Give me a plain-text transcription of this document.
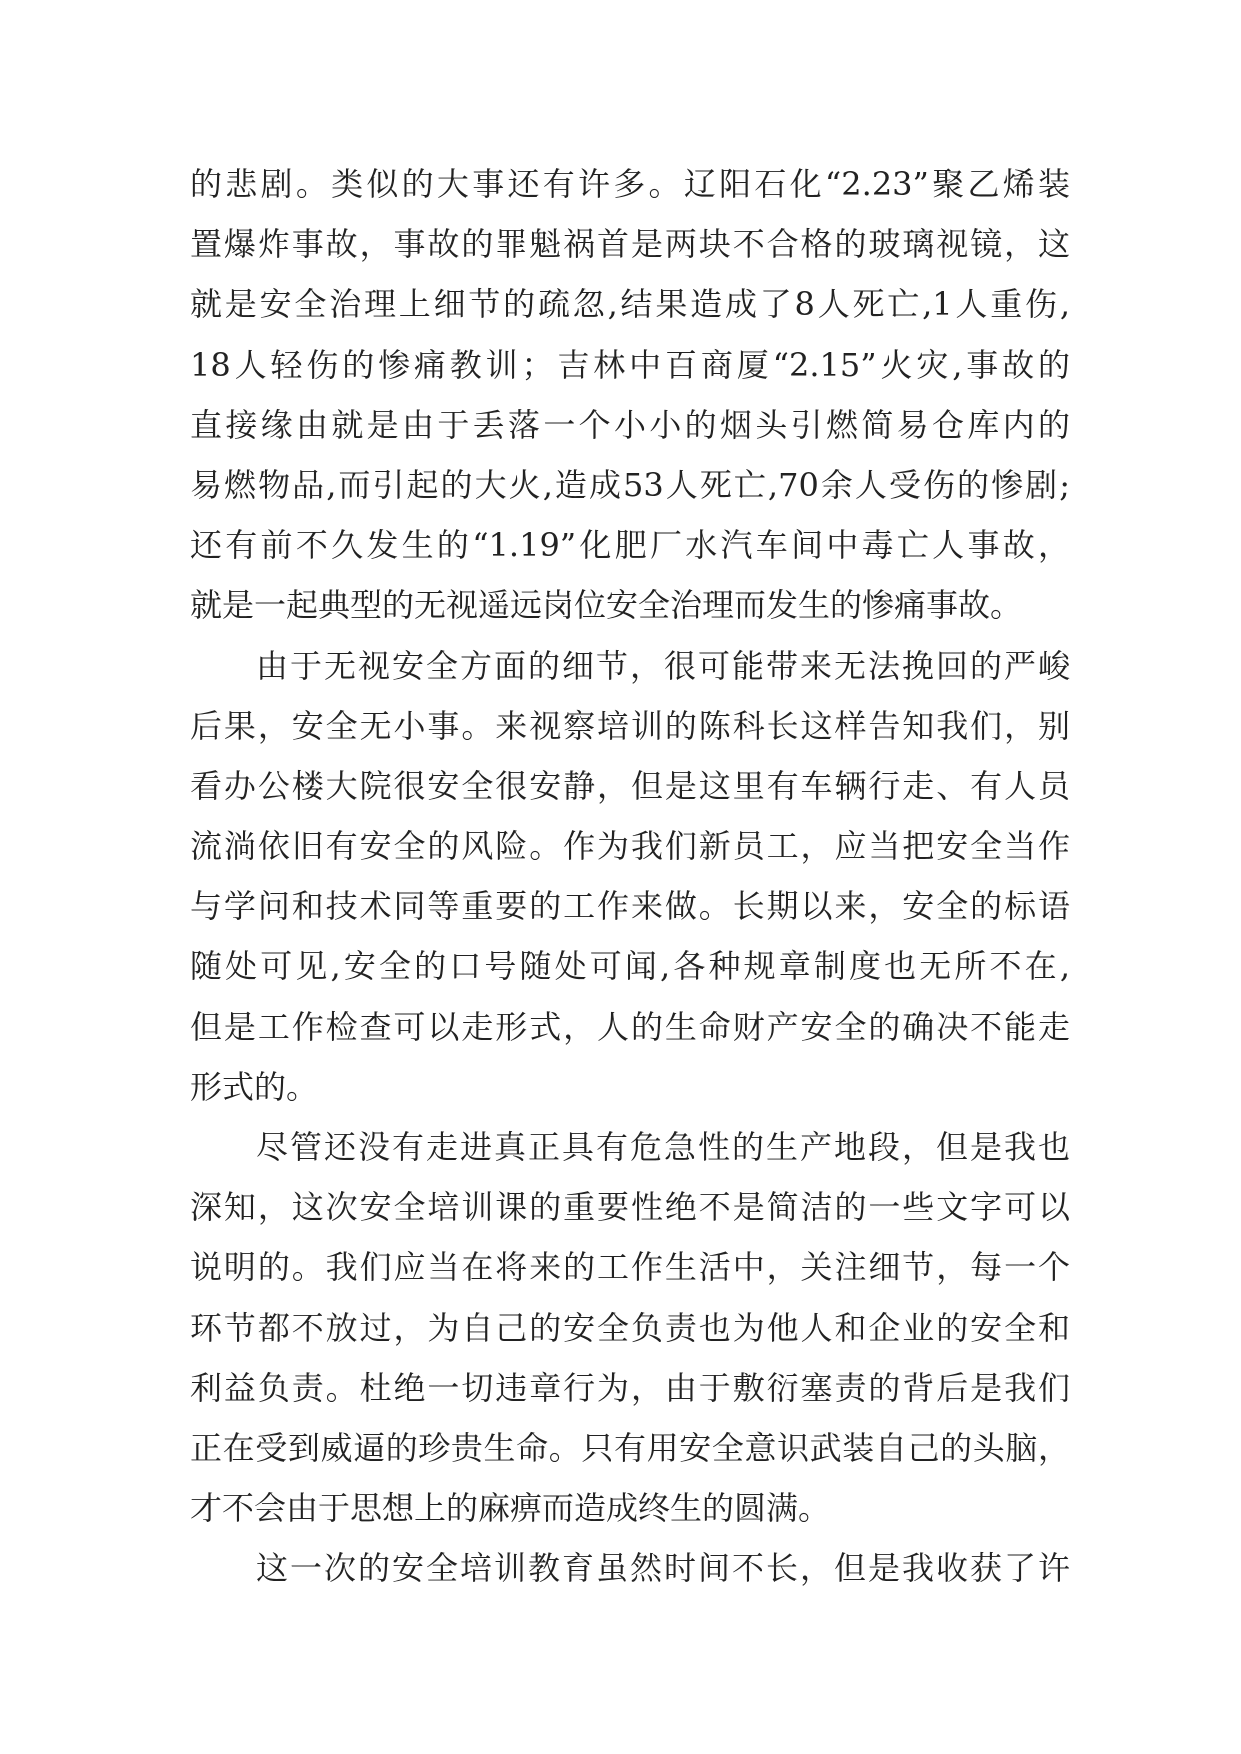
的悲剧。类似的大事还有许多。辽阳石化“2.23”聚乙烯装
置爆炸事故，事故的罪魁祸首是两块不合格的玻璃视镜，这
就是安全治理上细节的疏忽,结果造成了8人死亡,1人重伤,
18人轻伤的惨痛教训；吉林中百商厦“2.15”火灾,事故的
直接缘由就是由于丢落一个小小的烟头引燃简易仓库内的
易燃物品,而引起的大火,造成53人死亡,70余人受伤的惨剧;
还有前不久发生的“1.19”化肥厂水汽车间中毒亡人事故，
就是一起典型的无视遥远岗位安全治理而发生的惨痛事故。
由于无视安全方面的细节，很可能带来无法挽回的严峻
后果，安全无小事。来视察培训的陈科长这样告知我们，别
看办公楼大院很安全很安静，但是这里有车辆行走、有人员
流淌依旧有安全的风险。作为我们新员工，应当把安全当作
与学问和技术同等重要的工作来做。长期以来，安全的标语
随处可见,安全的口号随处可闻,各种规章制度也无所不在,
但是工作检查可以走形式，人的生命财产安全的确决不能走
形式的。
尽管还没有走进真正具有危急性的生产地段，但是我也
深知，这次安全培训课的重要性绝不是简洁的一些文字可以
说明的。我们应当在将来的工作生活中，关注细节，每一个
环节都不放过，为自己的安全负责也为他人和企业的安全和
利益负责。杜绝一切违章行为，由于敷衍塞责的背后是我们
正在受到威逼的珍贵生命。只有用安全意识武装自己的头脑，
才不会由于思想上的麻痹而造成终生的圆满。
这一次的安全培训教育虽然时间不长，但是我收获了许
